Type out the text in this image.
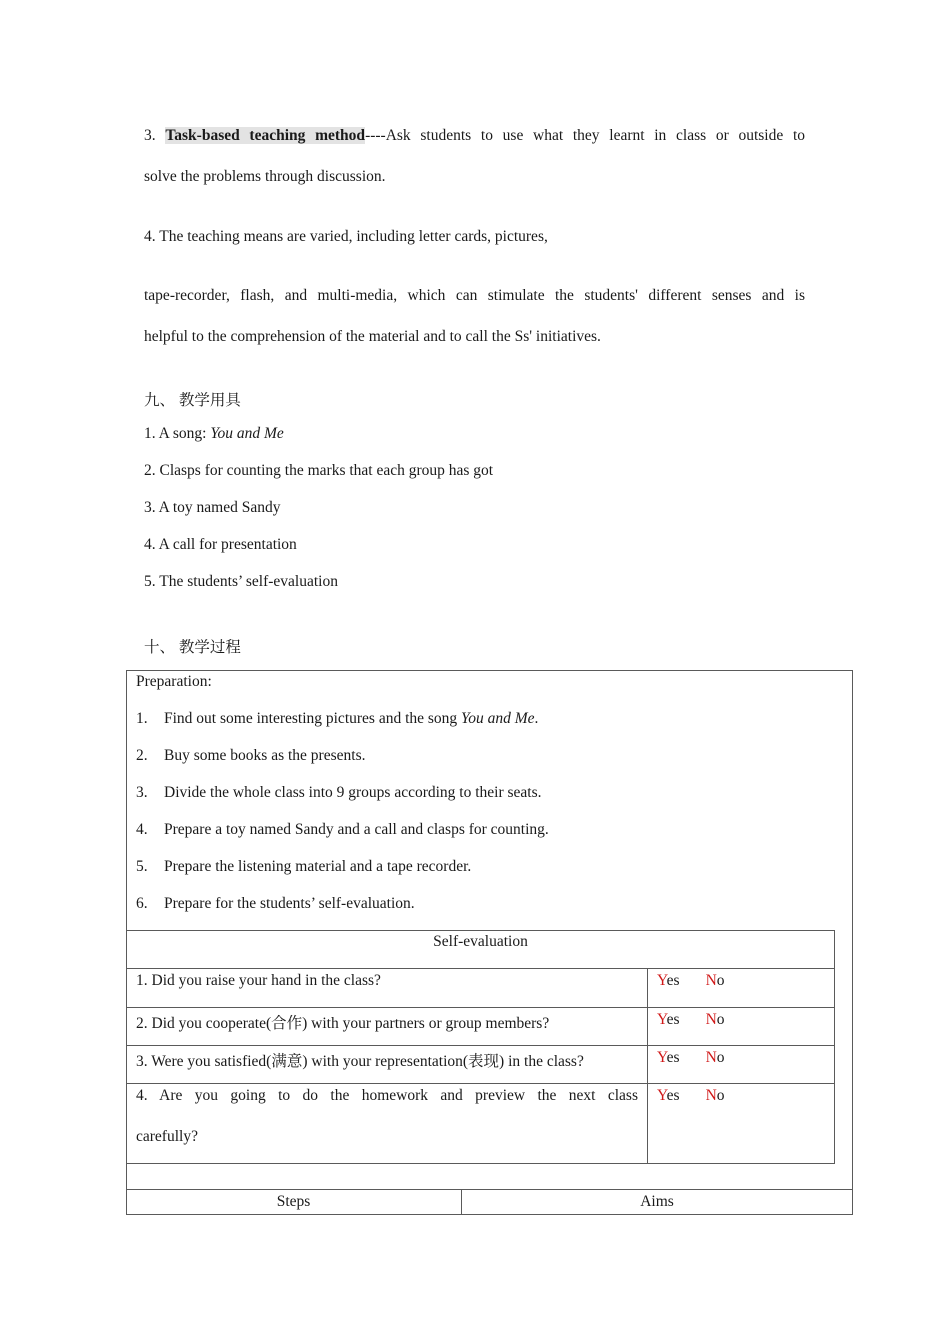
3. Task-based teaching method----Ask students to use what they learnt in class or outside to
solve the problems through discussion.
4. The teaching means are varied, including letter cards, pictures,
tape-recorder, flash, and multi-media, which can stimulate the students' different senses and is
helpful to the comprehension of the material and to call the Ss' initiatives.
九、 教学用具
1. A song: You and Me
2. Clasps for counting the marks that each group has got
3. A toy named Sandy
4. A call for presentation
5. The students’ self-evaluation
十、 教学过程
Preparation:
1. Find out some interesting pictures and the song You and Me.
2. Buy some books as the presents.
3. Divide the whole class into 9 groups according to their seats.
4. Prepare a toy named Sandy and a call and clasps for counting.
5. Prepare the listening material and a tape recorder.
6. Prepare for the students’ self-evaluation.
Self-evaluation
1. Did you raise your hand in the class?
2. Did you cooperate(合作) with your partners or group members?
3. Were you satisfied(满意) with your representation(表现) in the class?
4. Are you going to do the homework and preview the next class
carefully?
Yes No
Yes No
Yes No
Yes No
Steps	Aims
